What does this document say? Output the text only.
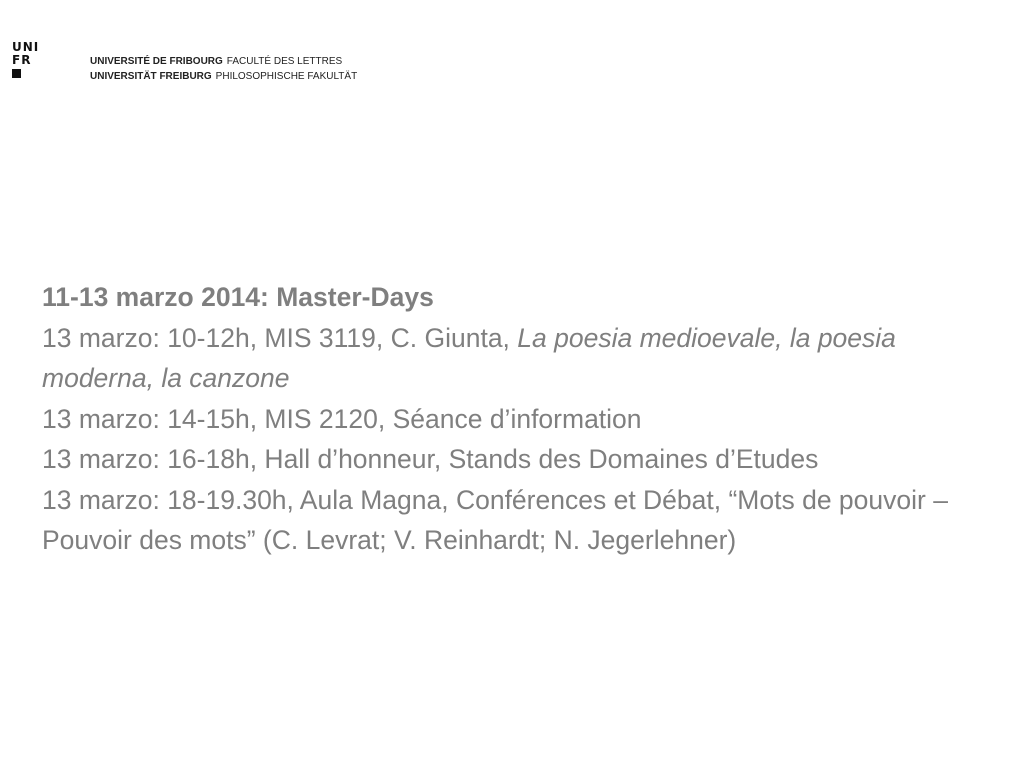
UNI
FR	UNIVERSITÉ DE FRIBOURG FACULTÉ DES LETTRES
UNIVERSITÄT FREIBURG PHILOSOPHISCHE FAKULTÄT
11-13 marzo 2014: Master-Days
13 marzo: 10-12h, MIS 3119, C. Giunta, La poesia medioevale, la poesia moderna, la canzone
13 marzo: 14-15h, MIS 2120, Séance d’information
13 marzo: 16-18h, Hall d’honneur, Stands des Domaines d’Etudes
13 marzo: 18-19.30h, Aula Magna, Conférences et Débat, “Mots de pouvoir – Pouvoir des mots” (C. Levrat; V. Reinhardt; N. Jegerlehner)
